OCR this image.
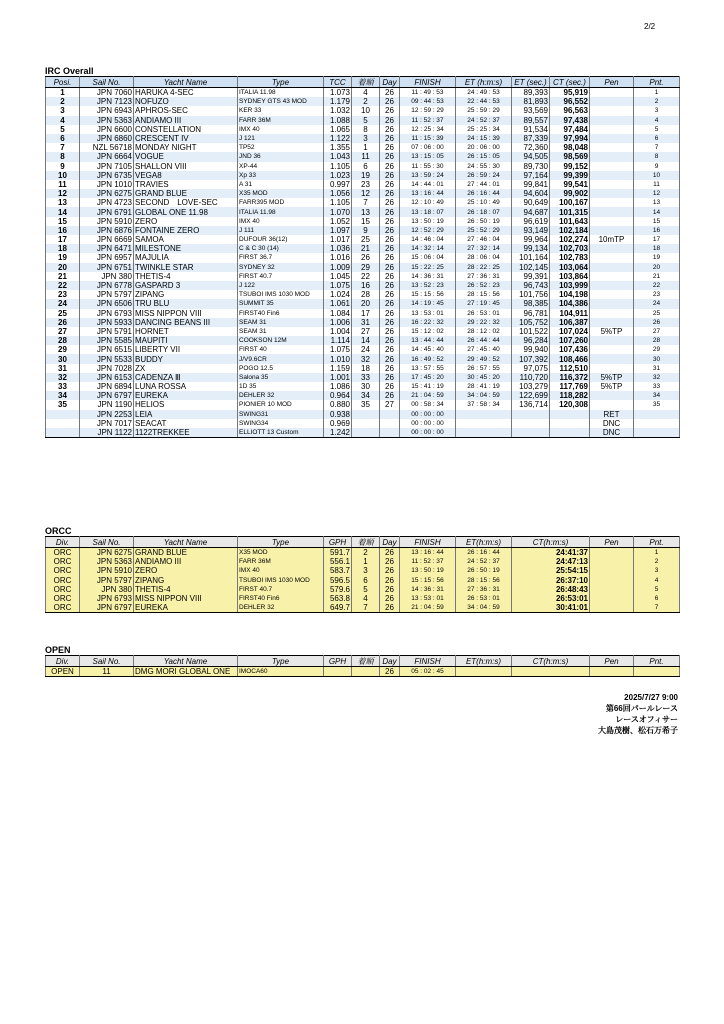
2/2
IRC Overall
Posi.	Sail No.	Yacht Name	Type	TCC	着順	Day	FINISH	ET (h:m:s)	ET (sec.)	CT (sec.)	Pen	Pnt.
1	JPN 7060	HARUKA 4-SEC	ITALIA 11.98	1.073	4	26	11 : 49 : 53	24 : 49 : 53	89,393	95,919		1
2	JPN 7123	NOFUZO	SYDNEY GTS 43 MOD	1.179	2	26	09 : 44 : 53	22 : 44 : 53	81,893	96,552		2
3	JPN 6943	APHROS-SEC	KER 33	1.032	10	26	12 : 59 : 29	25 : 59 : 29	93,569	96,563		3
4	JPN 5363	ANDIAMO III	FARR 36M	1.088	5	26	11 : 52 : 37	24 : 52 : 37	89,557	97,438		4
5	JPN 6600	CONSTELLATION	IMX 40	1.065	8	26	12 : 25 : 34	25 : 25 : 34	91,534	97,484		5
6	JPN 6860	CRESCENT IV	J 121	1.122	3	26	11 : 15 : 39	24 : 15 : 39	87,339	97,994		6
7	NZL 56718	MONDAY NIGHT	TP52	1.355	1	26	07 : 06 : 00	20 : 06 : 00	72,360	98,048		7
8	JPN 6664	VOGUE	JND 36	1.043	11	26	13 : 15 : 05	26 : 15 : 05	94,505	98,569		8
9	JPN 7105	SHALLON VIII	XP-44	1.105	6	26	11 : 55 : 30	24 : 55 : 30	89,730	99,152		9
10	JPN 6735	VEGA8	Xp 33	1.023	19	26	13 : 59 : 24	26 : 59 : 24	97,164	99,399		10
11	JPN 1010	TRAVIES	A 31	0.997	23	26	14 : 44 : 01	27 : 44 : 01	99,841	99,541		11
12	JPN 6275	GRAND BLUE	X35 MOD	1.056	12	26	13 : 16 : 44	26 : 16 : 44	94,604	99,902		12
13	JPN 4723	SECOND　LOVE-SEC	FARR395 MOD	1.105	7	26	12 : 10 : 49	25 : 10 : 49	90,649	100,167		13
14	JPN 6791	GLOBAL ONE 11.98	ITALIA 11.98	1.070	13	26	13 : 18 : 07	26 : 18 : 07	94,687	101,315		14
15	JPN 5910	ZERO	IMX 40	1.052	15	26	13 : 50 : 19	26 : 50 : 19	96,619	101,643		15
16	JPN 6876	FONTAINE ZERO	J 111	1.097	9	26	12 : 52 : 29	25 : 52 : 29	93,149	102,184		16
17	JPN 6669	SAMOA	DUFOUR 36(12)	1.017	25	26	14 : 46 : 04	27 : 46 : 04	99,964	102,274	10mTP	17
18	JPN 6471	MILESTONE	C & C 30 (14)	1.036	21	26	14 : 32 : 14	27 : 32 : 14	99,134	102,703		18
19	JPN 6957	MAJULIA	FIRST 36.7	1.016	26	26	15 : 06 : 04	28 : 06 : 04	101,164	102,783		19
20	JPN 6751	TWINKLE STAR	SYDNEY 32	1.009	29	26	15 : 22 : 25	28 : 22 : 25	102,145	103,064		20
21	JPN 380	THETIS-4	FIRST 40.7	1.045	22	26	14 : 36 : 31	27 : 36 : 31	99,391	103,864		21
22	JPN 6778	GASPARD 3	J 122	1.075	16	26	13 : 52 : 23	26 : 52 : 23	96,743	103,999		22
23	JPN 5797	ZIPANG	TSUBOI IMS 1030 MOD	1.024	28	26	15 : 15 : 56	28 : 15 : 56	101,756	104,198		23
24	JPN 6506	TRU BLU	SUMMIT 35	1.061	20	26	14 : 19 : 45	27 : 19 : 45	98,385	104,386		24
25	JPN 6793	MISS NIPPON VIII	FIRST40 Fin6	1.084	17	26	13 : 53 : 01	26 : 53 : 01	96,781	104,911		25
26	JPN 5933	DANCING BEANS III	SEAM 31	1.006	31	26	16 : 22 : 32	29 : 22 : 32	105,752	106,387		26
27	JPN 5791	HORNET	SEAM 31	1.004	27	26	15 : 12 : 02	28 : 12 : 02	101,522	107,024	5%TP	27
28	JPN 5585	MAUPITI	COOKSON 12M	1.114	14	26	13 : 44 : 44	26 : 44 : 44	96,284	107,260		28
29	JPN 6515	LIBERTY VII	FIRST 40	1.075	24	26	14 : 45 : 40	27 : 45 : 40	99,940	107,436		29
30	JPN 5533	BUDDY	J/V9.6CR	1.010	32	26	16 : 49 : 52	29 : 49 : 52	107,392	108,466		30
31	JPN 7028	ZX	POGO 12.5	1.159	18	26	13 : 57 : 55	26 : 57 : 55	97,075	112,510		31
32	JPN 6153	CADENZA Ⅲ	Salona 35	1.001	33	26	17 : 45 : 20	30 : 45 : 20	110,720	116,372	5%TP	32
33	JPN 6894	LUNA ROSSA	1D 35	1.086	30	26	15 : 41 : 19	28 : 41 : 19	103,279	117,769	5%TP	33
34	JPN 6797	EUREKA	DEHLER 32	0.964	34	26	21 : 04 : 59	34 : 04 : 59	122,699	118,282		34
35	JPN 1190	HELIOS	PIONIER 10 MOD	0.880	35	27	00 : 58 : 34	37 : 58 : 34	136,714	120,308		35
	JPN 2253	LEIA	SWING31	0.938			00 : 00 : 00				RET	
	JPN 7017	SEACAT	SWING34	0.969			00 : 00 : 00				DNC	
	JPN 1122	1122TREKKEE	ELLIOTT 13 Custom	1.242			00 : 00 : 00				DNC	
ORCC
Div.	Sail No.	Yacht Name	Type	GPH	着順	Day	FINISH	ET(h:m:s)	CT(h:m:s)	Pen	Pnt.
ORC	JPN 6275	GRAND BLUE	X35 MOD	591.7	2	26	13 : 16 : 44	26 : 16 : 44	24:41:37		1
ORC	JPN 5363	ANDIAMO III	FARR 36M	556.1	1	26	11 : 52 : 37	24 : 52 : 37	24:47:13		2
ORC	JPN 5910	ZERO	IMX 40	583.7	3	26	13 : 50 : 19	26 : 50 : 19	25:54:15		3
ORC	JPN 5797	ZIPANG	TSUBOI IMS 1030 MOD	596.5	6	26	15 : 15 : 56	28 : 15 : 56	26:37:10		4
ORC	JPN 380	THETIS-4	FIRST 40.7	579.6	5	26	14 : 36 : 31	27 : 36 : 31	26:48:43		5
ORC	JPN 6793	MISS NIPPON VIII	FIRST40 Fin6	563.8	4	26	13 : 53 : 01	26 : 53 : 01	26:53:01		6
ORC	JPN 6797	EUREKA	DEHLER 32	649.7	7	26	21 : 04 : 59	34 : 04 : 59	30:41:01		7
OPEN
Div.	Sail No.	Yacht Name	Type	GPH	着順	Day	FINISH	ET(h:m:s)	CT(h:m:s)	Pen	Pnt.
OPEN	11	DMG MORI GLOBAL ONE	IMOCA60			26	05 : 02 : 45				
2025/7/27 9:00
第66回パールレース
レースオフィサー
大島茂樹、松石万希子
